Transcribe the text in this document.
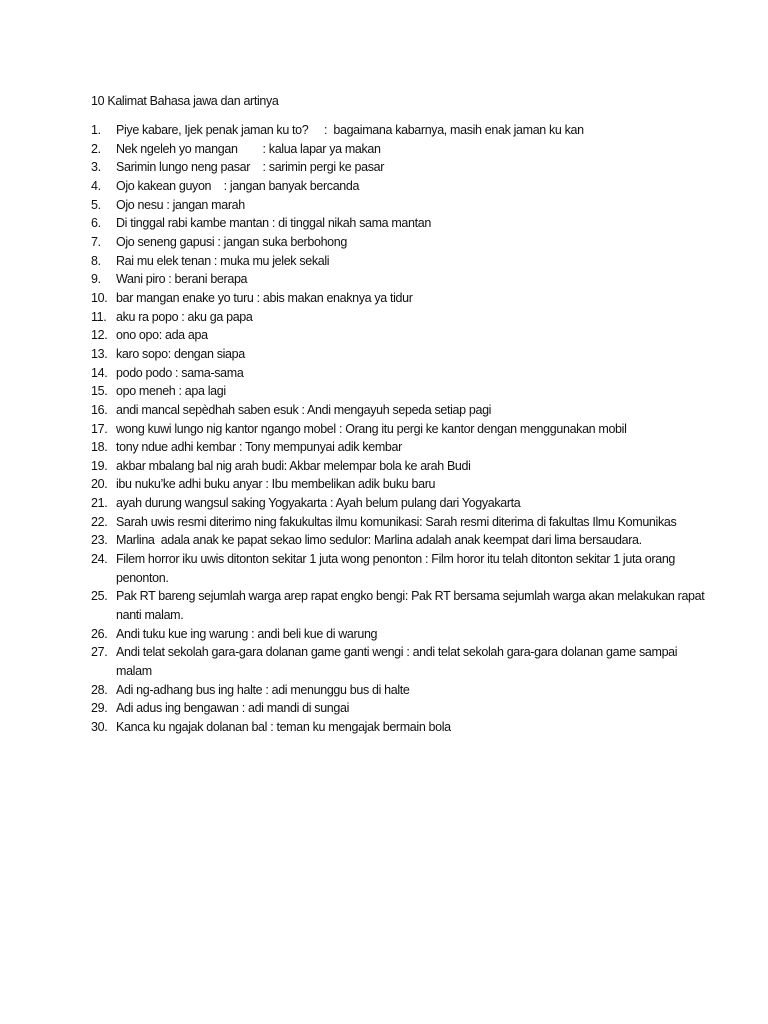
10 Kalimat Bahasa jawa dan artinya
1.	Piye kabare, Ijek penak jaman ku to?     :  bagaimana kabarnya, masih enak jaman ku kan
2.	Nek ngeleh yo mangan        : kalua lapar ya makan
3.	Sarimin lungo neng pasar    : sarimin pergi ke pasar
4.	Ojo kakean guyon    : jangan banyak bercanda
5.	Ojo nesu : jangan marah
6.	Di tinggal rabi kambe mantan : di tinggal nikah sama mantan
7.	Ojo seneng gapusi : jangan suka berbohong
8.	Rai mu elek tenan : muka mu jelek sekali
9.	Wani piro : berani berapa
10. bar mangan enake yo turu : abis makan enaknya ya tidur
11. aku ra popo : aku ga papa
12. ono opo: ada apa
13. karo sopo: dengan siapa
14. podo podo : sama-sama
15. opo meneh : apa lagi
16. andi mancal sepèdhah saben esuk : Andi mengayuh sepeda setiap pagi
17. wong kuwi lungo nig kantor ngango mobel : Orang itu pergi ke kantor dengan menggunakan mobil
18. tony ndue adhi kembar : Tony mempunyai adik kembar
19. akbar mbalang bal nig arah budi: Akbar melempar bola ke arah Budi
20. ibu nuku’ke adhi buku anyar : Ibu membelikan adik buku baru
21. ayah durung wangsul saking Yogyakarta : Ayah belum pulang dari Yogyakarta
22. Sarah uwis resmi diterimo ning fakukultas ilmu komunikasi: Sarah resmi diterima di fakultas Ilmu Komunikas
23. Marlina  adala anak ke papat sekao limo sedulor: Marlina adalah anak keempat dari lima bersaudara.
24. Filem horror iku uwis ditonton sekitar 1 juta wong penonton : Film horor itu telah ditonton sekitar 1 juta orang penonton.
25. Pak RT bareng sejumlah warga arep rapat engko bengi: Pak RT bersama sejumlah warga akan melakukan rapat nanti malam.
26. Andi tuku kue ing warung : andi beli kue di warung
27. Andi telat sekolah gara-gara dolanan game ganti wengi : andi telat sekolah gara-gara dolanan game sampai malam
28. Adi ng-adhang bus ing halte : adi menunggu bus di halte
29. Adi adus ing bengawan : adi mandi di sungai
30. Kanca ku ngajak dolanan bal : teman ku mengajak bermain bola
